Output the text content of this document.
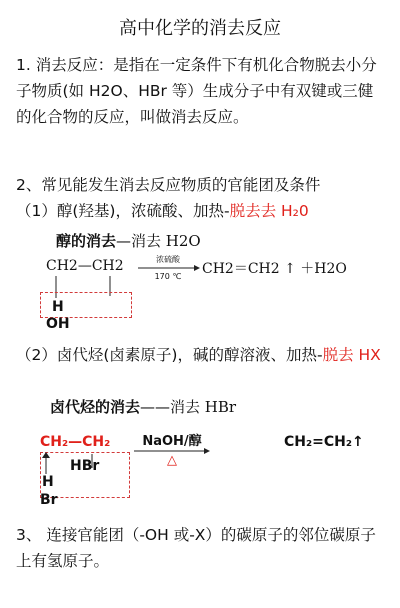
高中化学的消去反应
1. 消去反应：是指在一定条件下有机化合物脱去小分子物质(如 H2O、HBr 等）生成分子中有双键或三健的化合物的反应，叫做消去反应。
2、常见能发生消去反应物质的官能团及条件
（1）醇(羟基)，浓硫酸、加热-脱去去 H₂0
醇的消去—消去 H2O
CH2—CH2	浓硫酸
170 ℃	CH2＝CH2 ↑ ＋H2O
H
OH
（2）卤代烃(卤素原子)，碱的醇溶液、加热-脱去 HX
卤代烃的消去——消去 HBr
CH₂—CH₂	NaOH/醇
△
CH₂=CH₂↑
HBr
H
Br
3、 连接官能团（-OH 或-X）的碳原子的邻位碳原子上有氢原子。
